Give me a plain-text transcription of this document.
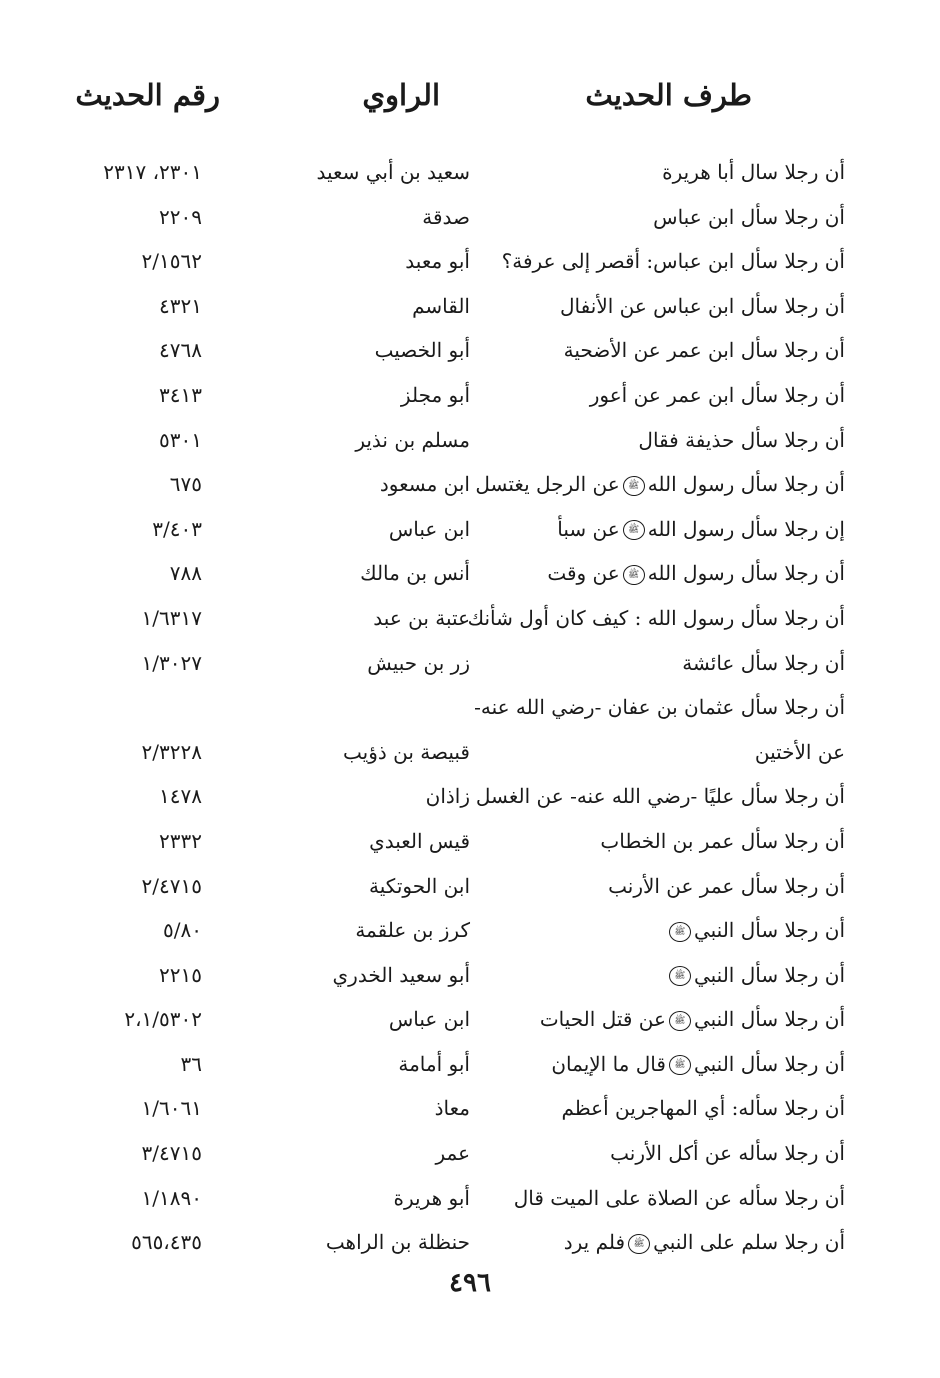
طرف الحديث
الراوي
رقم الحديث
أن رجلا سال أبا هريرة
سعيد بن أبي سعيد
٢٣٠١، ٢٣١٧
أن رجلا سأل ابن عباس
صدقة
٢٢٠٩
أن رجلا سأل ابن عباس: أقصر إلى عرفة؟
أبو معبد
٢/١٥٦٢
أن رجلا سأل ابن عباس عن الأنفال
القاسم
٤٣٢١
أن رجلا سأل ابن عمر عن الأضحية
أبو الخصيب
٤٧٦٨
أن رجلا سأل ابن عمر عن أعور
أبو مجلز
٣٤١٣
أن رجلا سأل حذيفة فقال
مسلم بن نذير
٥٣٠١
أن رجلا سأل رسول اللهﷺعن الرجل يغتسل
ابن مسعود
٦٧٥
إن رجلا سأل رسول اللهﷺعن سبأ
ابن عباس
٣/٤٠٣
أن رجلا سأل رسول اللهﷺعن وقت
أنس بن مالك
٧٨٨
أن رجلا سأل رسول الله : كيف كان أول شأنك
عتبة بن عبد
١/٦٣١٧
أن رجلا سأل عائشة
زر بن حبيش
١/٣٠٢٧
أن رجلا سأل عثمان بن عفان -رضي الله عنه-
عن الأختين
قبيصة بن ذؤيب
٢/٣٢٢٨
أن رجلا سأل عليًا -رضي الله عنه- عن الغسل
زاذان
١٤٧٨
أن رجلا سأل عمر بن الخطاب
قيس العبدي
٢٣٣٢
أن رجلا سأل عمر عن الأرنب
ابن الحوتكية
٢/٤٧١٥
أن رجلا سأل النبيﷺ
كرز بن علقمة
٥/٨٠
أن رجلا سأل النبيﷺ
أبو سعيد الخدري
٢٢١٥
أن رجلا سأل النبيﷺعن قتل الحيات
ابن عباس
٢،١/٥٣٠٢
أن رجلا سأل النبيﷺقال ما الإيمان
أبو أمامة
٣٦
أن رجلا سأله: أي المهاجرين أعظم
معاذ
١/٦٠٦١
أن رجلا سأله عن أكل الأرنب
عمر
٣/٤٧١٥
أن رجلا سأله عن الصلاة على الميت قال
أبو هريرة
١/١٨٩٠
أن رجلا سلم على النبيﷺفلم يرد
حنظلة بن الراهب
٥٦٥،٤٣٥
٤٩٦
